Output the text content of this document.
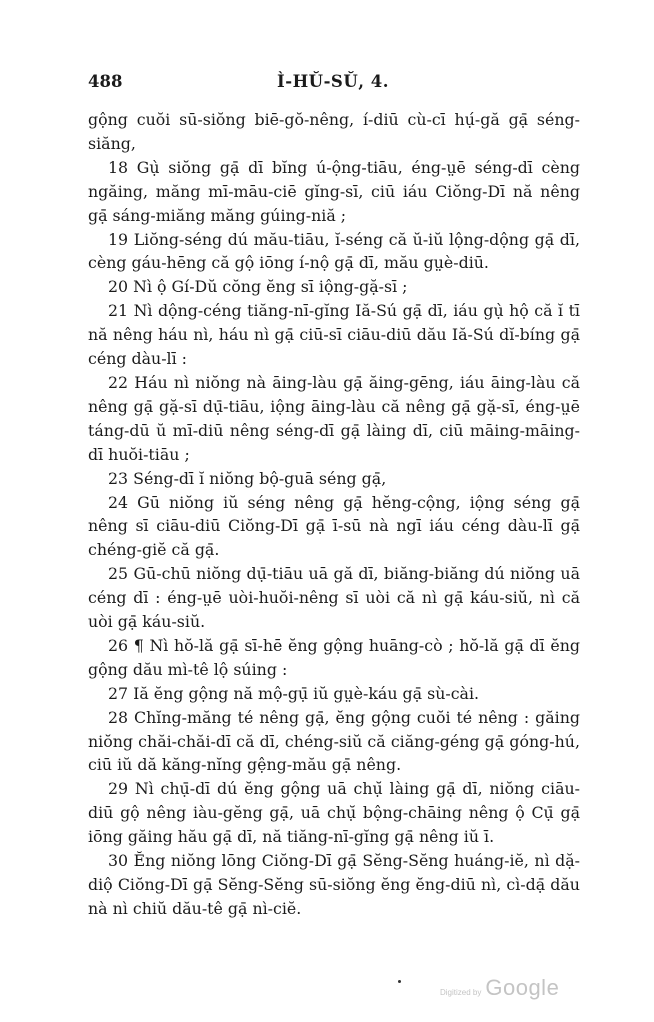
488	Ì-HŬ-SŬ, 4.

gộng cuŏi sū-siŏng biē-gŏ-nêng, í-diū cù-cī hụ́-gă gạ̄ séng-siăng,

18 Gụ̀ siŏng gạ̄ dī bĭng ú-ộng-tiāu, éng-ṳē séng-dī cèng ngăing, măng mī-māu-ciē gĭng-sī, ciū iáu Ciŏng-Dī nă nêng gạ̄ sáng-miăng măng gúing-niă ;

19 Liŏng-séng dú mău-tiāu, ĭ-séng că ŭ-iŭ lộng-dộng gạ̄ dī, cèng gáu-hēng că gộ iōng í-nộ gạ̄ dī, mău gṳè-diū.

20 Nì ộ Gí-Dŭ cŏng ĕng sī iộng-gặ-sī ;

21 Nì dộng-céng tiăng-nī-gĭng Iă-Sú gạ̄ dī, iáu gụ̀ hộ că ĭ tī nă nêng háu nì, háu nì gạ̄ ciū-sī ciāu-diū dău Iă-Sú dĭ-bíng gạ̄ céng dàu-lī :

22 Háu nì niŏng nà āing-làu gạ̄ ăing-gēng, iáu āing-làu că nêng gạ̄ gặ-sī dụ̄-tiāu, iộng āing-làu că nêng gạ̄ gặ-sī, éng-ṳē táng-dū ŭ mī-diū nêng séng-dī gạ̄ làing dī, ciū māing-māing-dī huŏi-tiāu ;

23 Séng-dī ĭ niŏng bộ-guā séng gạ̄,

24 Gū niŏng iŭ séng nêng gạ̄ hĕng-cộng, iộng séng gạ̄ nêng sī ciāu-diū Ciŏng-Dī gạ̄ ī-sū nà ngī iáu céng dàu-lī gạ̄ chéng-giĕ că gạ̄.

25 Gū-chū niŏng dụ̄-tiāu uā gă dī, biăng-biăng dú niŏng uā céng dī : éng-ṳē uòi-huŏi-nêng sī uòi că nì gạ̄ káu-siŭ, nì că uòi gạ̄ káu-siŭ.

26 ¶ Nì hŏ-lă gạ̄ sī-hē ĕng gộng huāng-cò ; hŏ-lă gạ̄ dī ĕng gộng dău mì-tê lộ súing :

27 Iă ĕng gộng nă mộ-gụ̄ iŭ gṳè-káu gạ̄ sù-cài.

28 Chĭng-măng té nêng gạ̄, ĕng gộng cuŏi té nêng : găing niŏng chăi-chăi-dī că dī, chéng-siŭ că ciăng-géng gạ̄ góng-hú, ciū iŭ dă kăng-nĭng gệng-mău gạ̄ nêng.

29 Nì chụ̄-dī dú ĕng gộng uā chụ̆ làing gạ̄ dī, niŏng ciāu-diū gộ nêng iàu-gĕng gạ̄, uā chụ̆ bộng-chāing nêng ộ Cụ̄ gạ̄ iōng găing hău gạ̄ dī, nă tiăng-nī-gĭng gạ̄ nêng iŭ ī.

30 Ĕng niŏng lōng Ciŏng-Dī gạ̄ Sĕng-Sĕng huáng-iĕ, nì dặ-diộ Ciŏng-Dī gạ̄ Sĕng-Sĕng sū-siŏng ĕng ĕng-diū nì, cì-dạ̄ dău nà nì chiŭ dău-tê gạ̄ nì-ciĕ.

Digitized by Google
